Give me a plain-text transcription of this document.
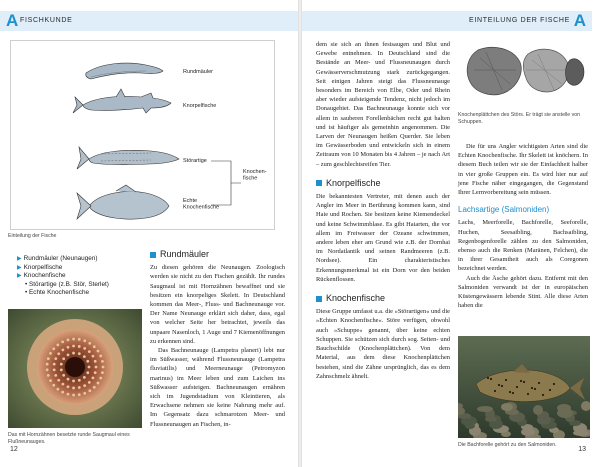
A FISCHKUNDE
Rundmäuler
Knorpelfische
Störartige
Echte Knochenfische
Knochen-fische
Einteilung der Fische
▶ Rundmäuler (Neunaugen)
▶ Knorpelfische
▶ Knochenfische
• Störartige (z.B. Stör, Sterlet)
• Echte Knochenfische
Das mit Hornzähnen besetzte runde Saugmaul eines Flußneunauges.
Rundmäuler

Zu diesen gehören die Neunaugen. Zoologisch werden sie nicht zu den Fischen gezählt. Ihr rundes Saugmaul ist mit Hornzähnen bewaffnet und sie besitzen ein knorpeliges Skelett. In Deutschland kommen das Meer-, Fluss- und Bachneunauge vor. Der Name Neunauge erklärt sich daher, dass, egal von welcher Seite her betrachtet, jeweils das unpaare Nasenloch, 1 Auge und 7 Kiemenöffnungen zu erkennen sind.

Das Bachneunauge (Lampetra planeri) lebt nur im Süßwasser, während Flussneunauge (Lampetra fluviatilis) und Meerneunauge (Petromyzon marinus) im Meer leben und zum Laichen ins Süßwasser aufsteigen. Bachneunaugen ernähren sich im Jugendstadium von Kleintieren, als Erwachsene nehmen sie keine Nahrung mehr auf. Im Gegensatz dazu schmarotzen Meer- und Flussneunaugen an Fischen, in-

12
EINTEILUNG DER FISCHE A

dem sie sich an ihnen festsaugen und Blut und Gewebe entnehmen. In Deutschland sind die Bestände an Meer- und Flussneunaugen durch Gewässerverschmutzung stark zurückgegangen. Seit einigen Jahren steigt das Flussneunauge besonders im Bereich von Elbe, Oder und Rhein aber wieder aufsteigende Tendenz, nicht jedoch im Donaugebiet. Das Bachneunauge konnte sich vor allem in sauberen Forellenbächen recht gut halten und ist häufiger als gemeinhin angenommen. Die Larven der Neunaugen heißen Querder. Sie leben im Gewässerboden und entwickeln sich in einem Zeitraum von 10 Monaten bis 4 Jahren – je nach Art – zum geschlechtsreifen Tier.

Knorpelfische

Die bekanntesten Vertreter, mit denen auch der Angler im Meer in Berührung kommen kann, sind Haie und Rochen. Sie besitzen keine Kiemendeckel und keine Schwimmblase. Es gibt Haiarten, die vor allem im Freiwasser der Ozeane schwimmen, andere leben eher am Grund wie z.B. der Dornhai im Nordatlantik und seinen Randmeeren (z.B. Nordsee). Ein charakteristisches Erkennungsmerkmal ist ein Dorn vor den beiden Rückenflossen.

Knochenfische

Diese Gruppe umfasst u.a. die »Störartigen« und die »Echten Knochenfische«. Störe verfügen, obwohl auch »Schuppe« genannt, über keine echten Schuppen. Sie schützen sich durch sog. Seiten- und Bauchschilde (Knochenplättchen). Von dem Material, aus dem diese Knochenplättchen bestehen, sind die Zähne ursprünglich, das es dem Zahnschmelz ähnelt.

Knochenplättchen des Störs. Er trägt sie anstelle von Schuppen.

Die für uns Angler wichtigsten Arten sind die Echten Knochenfische. Ihr Skelett ist knöchern. In diesem Buch teilen wir sie der Einfachheit halber in vier große Gruppen ein. Es wird hier nur auf jene Fische näher eingegangen, die Gegenstand Ihrer Lernvorbereitung sein müssen.

Lachsartige (Salmoniden)

Lachs, Meerforelle, Bachforelle, Seeforelle, Huchen, Seesaibling, Bachsaibling, Regenbogenforelle zählen zu den Salmoniden, ebenso auch die Renken (Maränen, Felchen), die in ihrer Gesamtheit auch als Coregonen bezeichnet werden.

Auch die Äsche gehört dazu. Entfernt mit den Salmoniden verwandt ist der in europäischen Küstengewässern lebende Stint. Alle diese Arten haben die

Die Bachforelle gehört zu den Salmoniden.
13
